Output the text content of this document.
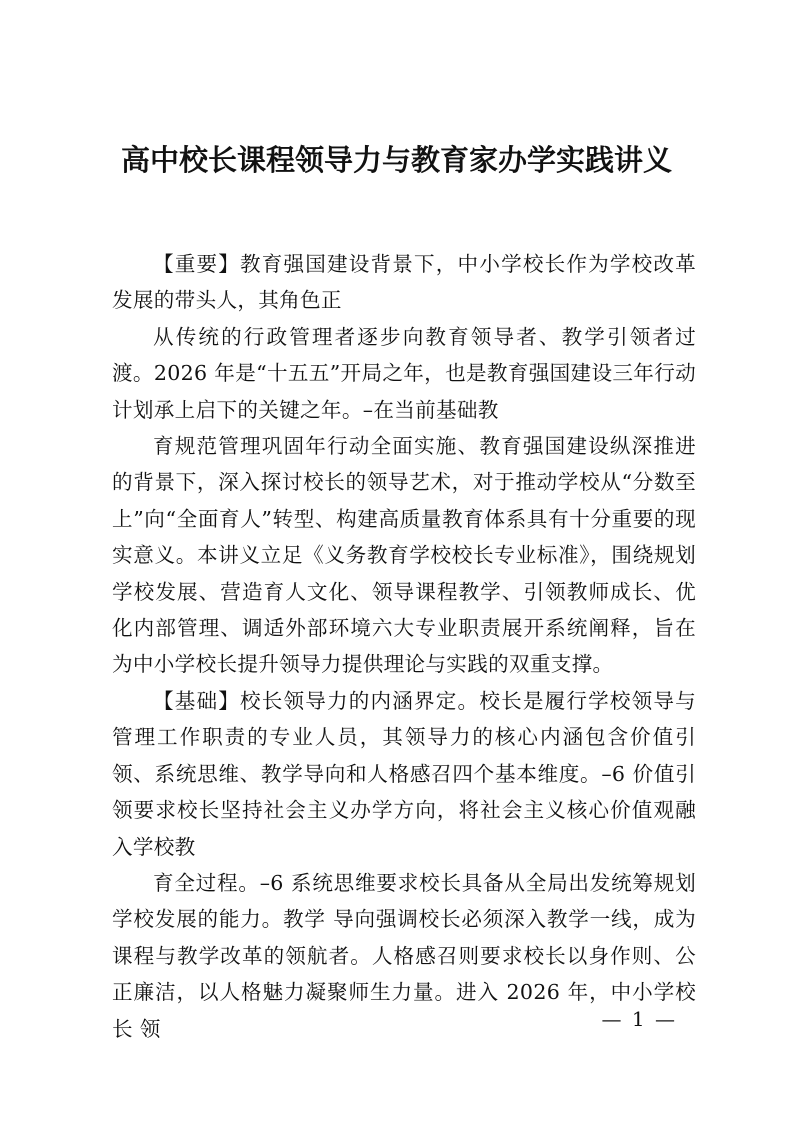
高中校长课程领导力与教育家办学实践讲义

【重要】教育强国建设背景下，中小学校长作为学校改革发展的带头人，其角色正

从传统的行政管理者逐步向教育领导者、教学引领者过渡。2026 年是“十五五”开局之年，也是教育强国建设三年行动计划承上启下的关键之年。–在当前基础教

育规范管理巩固年行动全面实施、教育强国建设纵深推进的背景下，深入探讨校长的领导艺术，对于推动学校从“分数至上”向“全面育人”转型、构建高质量教育体系具有十分重要的现实意义。本讲义立足《义务教育学校校长专业标准》，围绕规划学校发展、营造育人文化、领导课程教学、引领教师成长、优化内部管理、调适外部环境六大专业职责展开系统阐释，旨在为中小学校长提升领导力提供理论与实践的双重支撑。

【基础】校长领导力的内涵界定。校长是履行学校领导与管理工作职责的专业人员，其领导力的核心内涵包含价值引领、系统思维、教学导向和人格感召四个基本维度。–6 价值引领要求校长坚持社会主义办学方向，将社会主义核心价值观融入学校教

育全过程。–6 系统思维要求校长具备从全局出发统筹规划学校发展的能力。教学 导向强调校长必须深入教学一线，成为课程与教学改革的领航者。人格感召则要求校长以身作则、公正廉洁，以人格魅力凝聚师生力量。进入 2026 年，中小学校长 领	— 1 —
